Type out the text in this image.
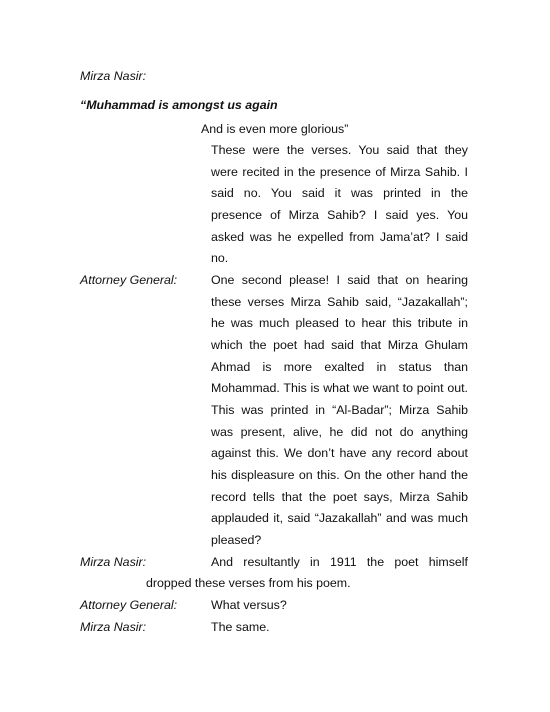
Mirza Nasir:

“Muhammad is amongst us again

And is even more glorious”

These were the verses. You said that they

were recited in the presence of Mirza Sahib. I

said no. You said it was printed in the

presence of Mirza Sahib? I said yes. You

asked was he expelled from Jama’at? I said

no.

Attorney General:	One second please! I said that on hearing

these verses Mirza Sahib said, “Jazakallah”;

he was much pleased to hear this tribute in

which the poet had said that Mirza Ghulam

Ahmad is more exalted in status than

Mohammad. This is what we want to point out.

This was printed in “Al-Badar”; Mirza Sahib

was present, alive, he did not do anything

against this. We don’t have any record about

his displeasure on this. On the other hand the

record tells that the poet says, Mirza Sahib

applauded it, said “Jazakallah” and was much

pleased?

Mirza Nasir:	And resultantly in 1911 the poet himself

dropped these verses from his poem.

Attorney General:	What versus?

Mirza Nasir:	The same.
